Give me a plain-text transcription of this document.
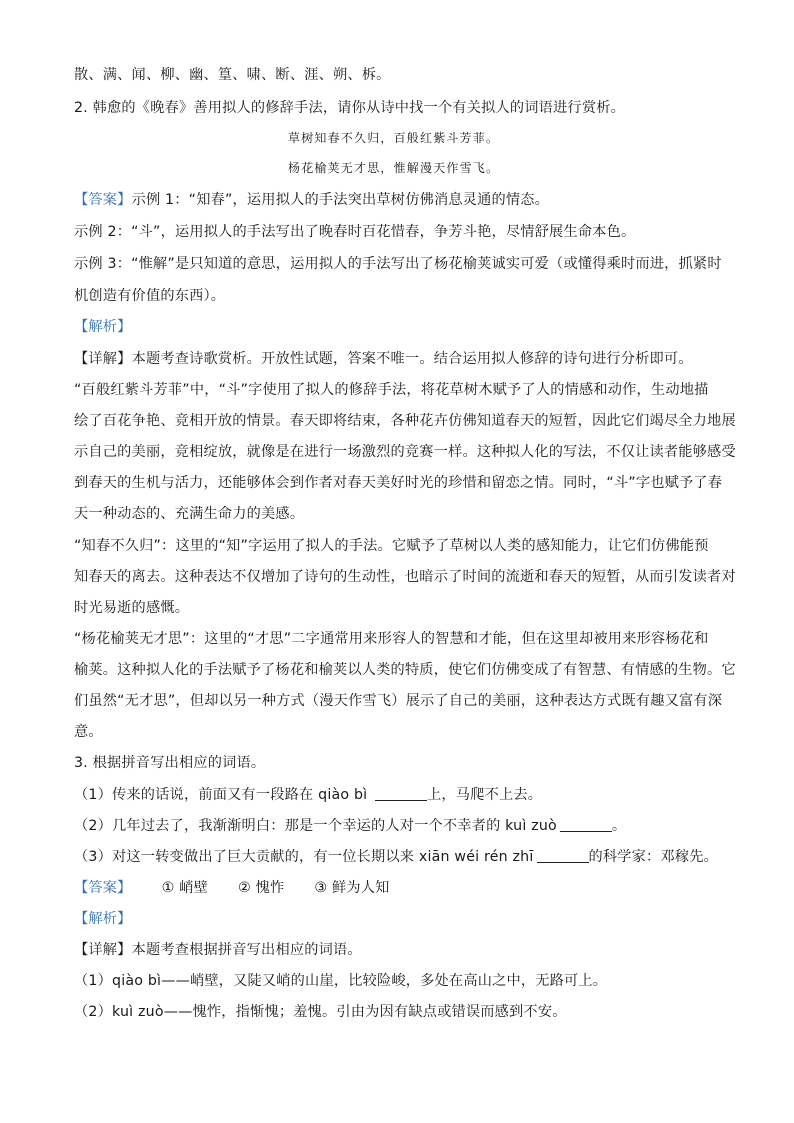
散、满、闻、柳、幽、篁、啸、断、涯、朔、柝。
2. 韩愈的《晚春》善用拟人的修辞手法，请你从诗中找一个有关拟人的词语进行赏析。
草树知春不久归，百般红紫斗芳菲。
杨花榆荚无才思，惟解漫天作雪飞。
【答案】示例 1：“知春”，运用拟人的手法突出草树仿佛消息灵通的情态。
示例 2：“斗”，运用拟人的手法写出了晚春时百花惜春，争芳斗艳，尽情舒展生命本色。
示例 3：“惟解”是只知道的意思，运用拟人的手法写出了杨花榆荚诚实可爱（或懂得乘时而进，抓紧时
机创造有价值的东西）。
【解析】
【详解】本题考查诗歌赏析。开放性试题，答案不唯一。结合运用拟人修辞的诗句进行分析即可。
“百般红紫斗芳菲”中，“斗”字使用了拟人的修辞手法，将花草树木赋予了人的情感和动作，生动地描
绘了百花争艳、竞相开放的情景。春天即将结束，各种花卉仿佛知道春天的短暂，因此它们竭尽全力地展
示自己的美丽，竞相绽放，就像是在进行一场激烈的竞赛一样。这种拟人化的写法，不仅让读者能够感受
到春天的生机与活力，还能够体会到作者对春天美好时光的珍惜和留恋之情。同时，“斗”字也赋予了春
天一种动态的、充满生命力的美感。
“知春不久归”：这里的“知”字运用了拟人的手法。它赋予了草树以人类的感知能力，让它们仿佛能预
知春天的离去。这种表达不仅增加了诗句的生动性，也暗示了时间的流逝和春天的短暂，从而引发读者对
时光易逝的感慨。
“杨花榆荚无才思”：这里的“才思”二字通常用来形容人的智慧和才能，但在这里却被用来形容杨花和
榆荚。这种拟人化的手法赋予了杨花和榆荚以人类的特质，使它们仿佛变成了有智慧、有情感的生物。它
们虽然“无才思”，但却以另一种方式（漫天作雪飞）展示了自己的美丽，这种表达方式既有趣又富有深
意。
3. 根据拼音写出相应的词语。
（1）传来的话说，前面又有一段路在 qiào bì	上，马爬不上去。
（2）几年过去了，我渐渐明白：那是一个幸运的人对一个不幸者的 kuì zuò	。
（3）对这一转变做出了巨大贡献的，有一位长期以来 xiān wéi rén zhī	的科学家：邓稼先。
【答案】 ① 峭壁 ② 愧怍 ③ 鲜为人知
【解析】
【详解】本题考查根据拼音写出相应的词语。
（1）qiào bì——峭壁，又陡又峭的山崖，比较险峻，多处在高山之中，无路可上。
（2）kuì zuò——愧怍，指惭愧；羞愧。引由为因有缺点或错误而感到不安。
